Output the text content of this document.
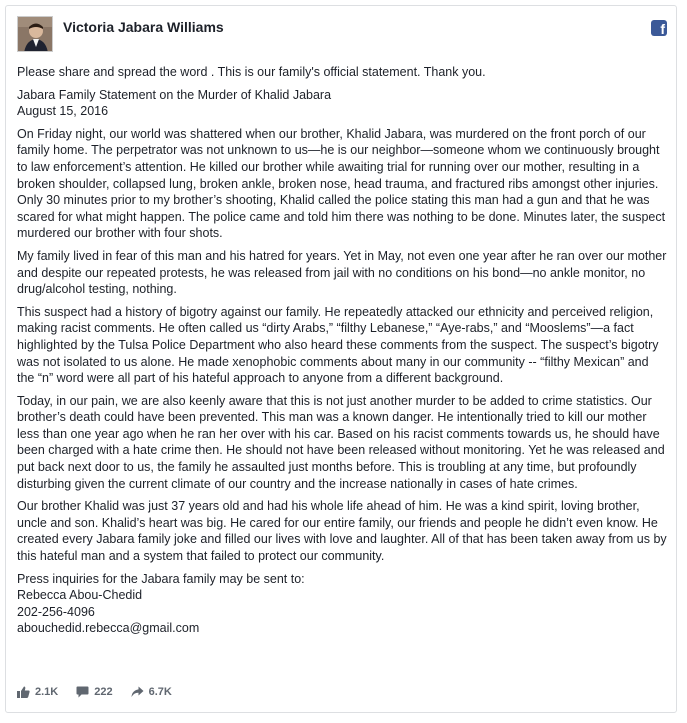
Victoria Jabara Williams	f

Please share and spread the word . This is our family's official statement. Thank you.

Jabara Family Statement on the Murder of Khalid Jabara
August 15, 2016

On Friday night, our world was shattered when our brother, Khalid Jabara, was murdered on the front porch of our family home. The perpetrator was not unknown to us—he is our neighbor—someone whom we continuously brought to law enforcement’s attention. He killed our brother while awaiting trial for running over our mother, resulting in a broken shoulder, collapsed lung, broken ankle, broken nose, head trauma, and fractured ribs amongst other injuries. Only 30 minutes prior to my brother’s shooting, Khalid called the police stating this man had a gun and that he was scared for what might happen. The police came and told him there was nothing to be done. Minutes later, the suspect murdered our brother with four shots.

My family lived in fear of this man and his hatred for years. Yet in May, not even one year after he ran over our mother and despite our repeated protests, he was released from jail with no conditions on his bond—no ankle monitor, no drug/alcohol testing, nothing.

This suspect had a history of bigotry against our family. He repeatedly attacked our ethnicity and perceived religion, making racist comments. He often called us “dirty Arabs,” “filthy Lebanese,” “Aye-rabs,” and “Mooslems”—a fact highlighted by the Tulsa Police Department who also heard these comments from the suspect. The suspect’s bigotry was not isolated to us alone. He made xenophobic comments about many in our community -- “filthy Mexican” and the “n” word were all part of his hateful approach to anyone from a different background.

Today, in our pain, we are also keenly aware that this is not just another murder to be added to crime statistics. Our brother’s death could have been prevented. This man was a known danger. He intentionally tried to kill our mother less than one year ago when he ran her over with his car. Based on his racist comments towards us, he should have been charged with a hate crime then. He should not have been released without monitoring. Yet he was released and put back next door to us, the family he assaulted just months before. This is troubling at any time, but profoundly disturbing given the current climate of our country and the increase nationally in cases of hate crimes.

Our brother Khalid was just 37 years old and had his whole life ahead of him. He was a kind spirit, loving brother, uncle and son. Khalid’s heart was big. He cared for our entire family, our friends and people he didn’t even know. He created every Jabara family joke and filled our lives with love and laughter. All of that has been taken away from us by this hateful man and a system that failed to protect our community.

Press inquiries for the Jabara family may be sent to:
Rebecca Abou-Chedid
202-256-4096
abouchedid.rebecca@gmail.com

2.1K	222	6.7K
